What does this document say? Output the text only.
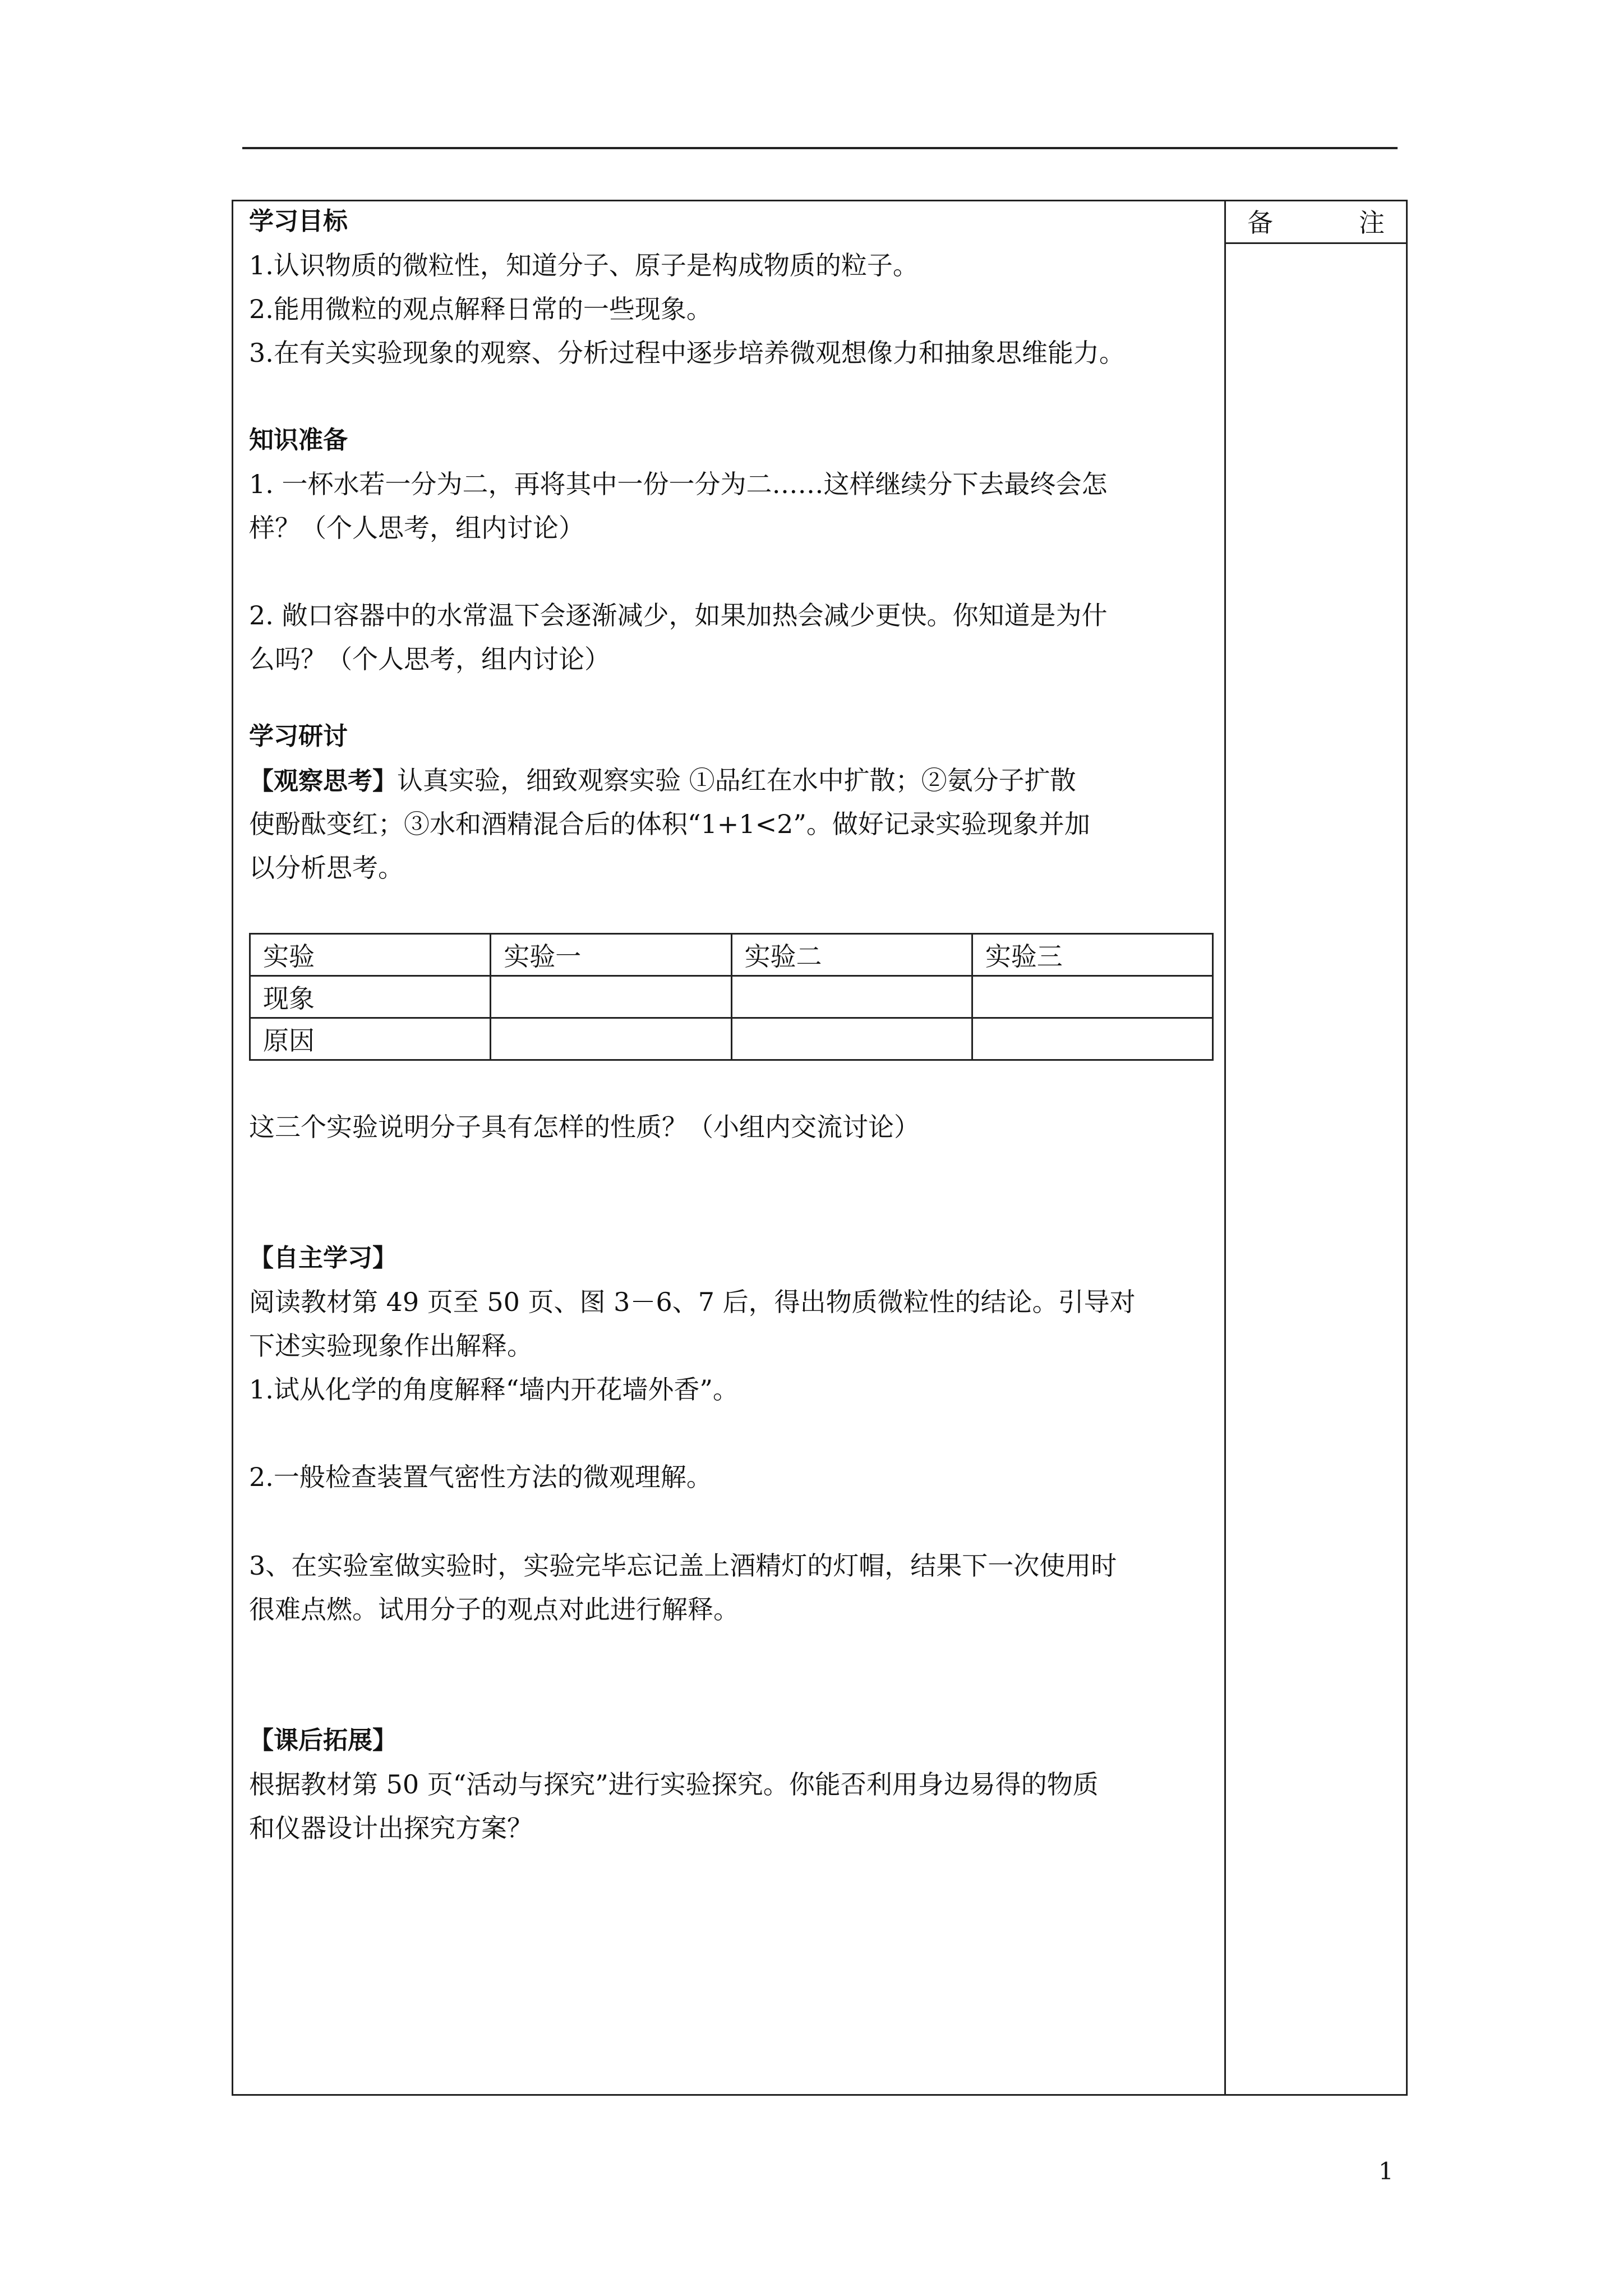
学习目标
1.认识物质的微粒性，知道分子、原子是构成物质的粒子。
2.能用微粒的观点解释日常的一些现象。
3.在有关实验现象的观察、分析过程中逐步培养微观想像力和抽象思维能力。
知识准备
1. 一杯水若一分为二，再将其中一份一分为二……这样继续分下去最终会怎
样？（个人思考，组内讨论）
2. 敞口容器中的水常温下会逐渐减少，如果加热会减少更快。你知道是为什
么吗？（个人思考，组内讨论）
学习研讨
【观察思考】认真实验，细致观察实验 ①品红在水中扩散；②氨分子扩散
使酚酞变红；③水和酒精混合后的体积“1+1<2”。做好记录实验现象并加
以分析思考。
这三个实验说明分子具有怎样的性质？（小组内交流讨论）
【自主学习】
阅读教材第 49 页至 50 页、图 3－6、7 后，得出物质微粒性的结论。引导对
下述实验现象作出解释。
1.试从化学的角度解释“墙内开花墙外香”。
2.一般检查装置气密性方法的微观理解。
3、在实验室做实验时，实验完毕忘记盖上酒精灯的灯帽，结果下一次使用时
很难点燃。试用分子的观点对此进行解释。
【课后拓展】
根据教材第 50 页“活动与探究”进行实验探究。你能否利用身边易得的物质
和仪器设计出探究方案？
实验	实验一	实验二	实验三
现象			
原因			
备	注
1
